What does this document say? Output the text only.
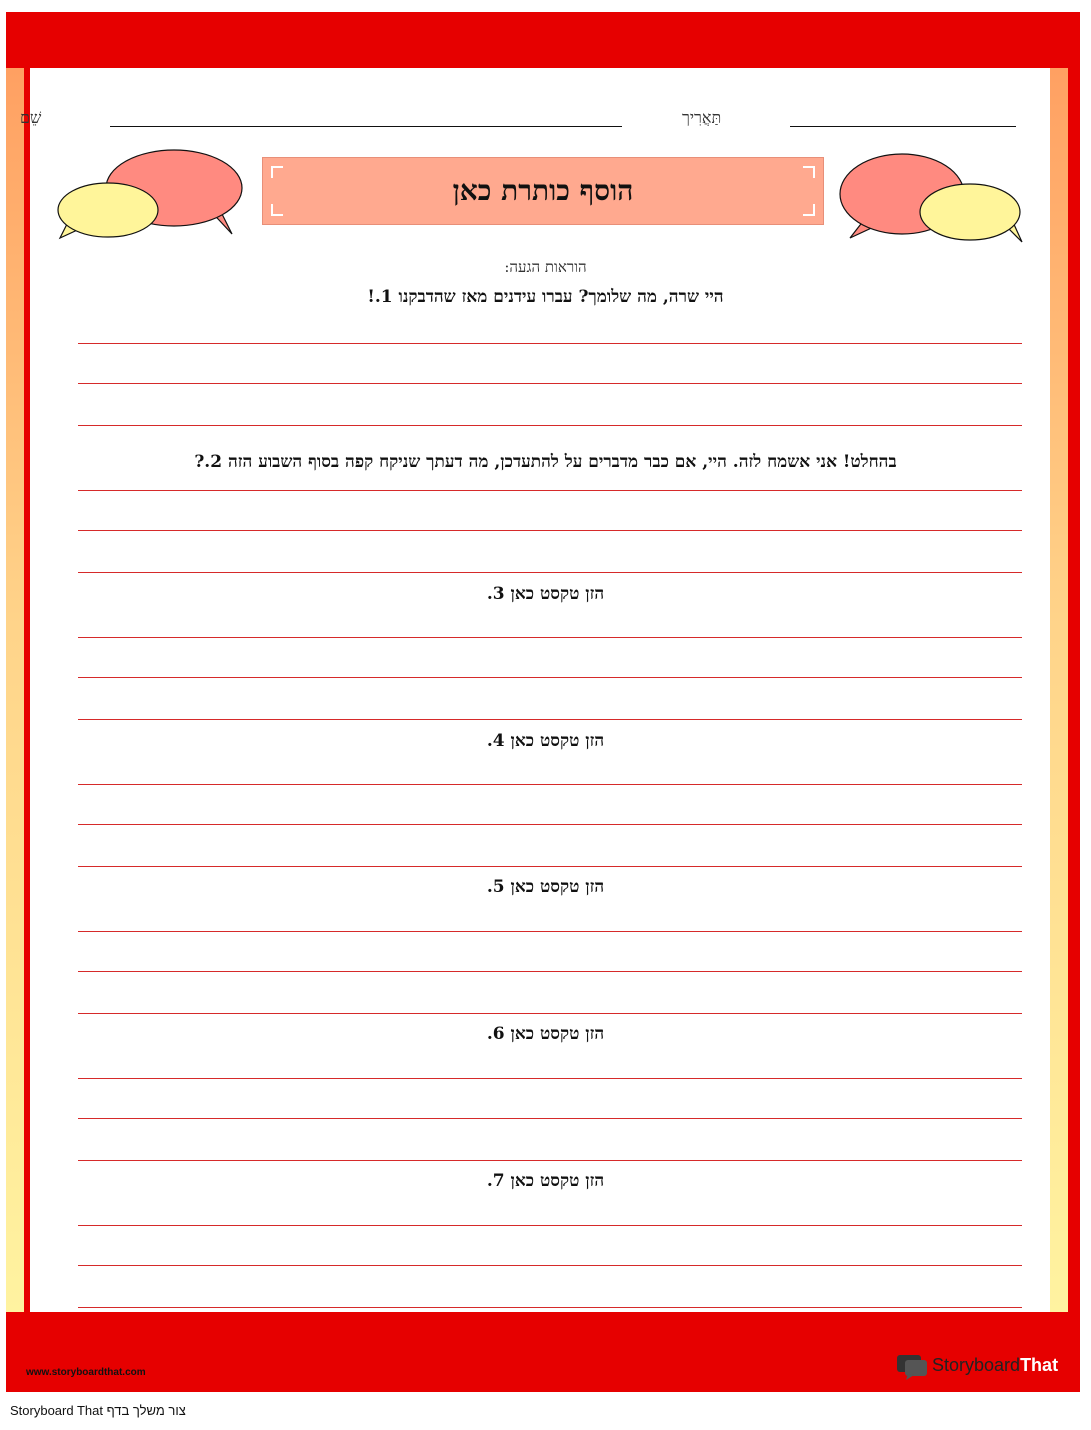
שֵׁם	תַּאֲרִיך
הוסף כותרת כאן
הוראות הגעה:
היי שרה, מה שלומך? עברו עידנים מאז שהדבקנו 1.!
בהחלט! אני אשמח לזה. היי, אם כבר מדברים על להתעדכן, מה דעתך שניקח קפה בסוף השבוע הזה 2.?
הזן טקסט כאן 3.
הזן טקסט כאן 4.
הזן טקסט כאן 5.
הזן טקסט כאן 6.
הזן טקסט כאן 7.
www.storyboardthat.com	StoryboardThat
Storyboard That צור משלך בדף
